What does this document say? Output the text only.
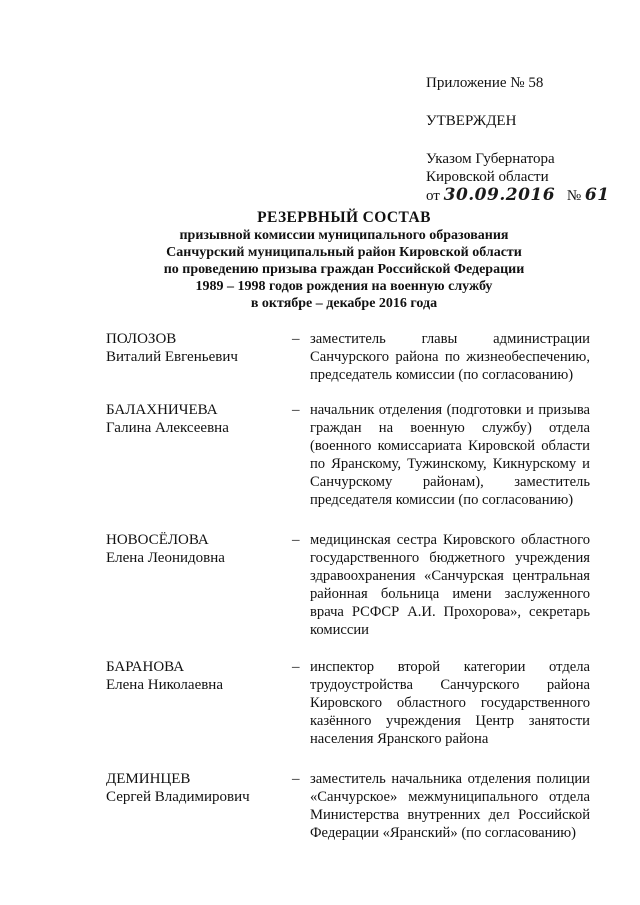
Приложение № 58
УТВЕРЖДЕН
Указом Губернатора
Кировской области
от 30.09.2016 № 61
РЕЗЕРВНЫЙ СОСТАВ
призывной комиссии муниципального образования
Санчурский муниципальный район Кировской области
по проведению призыва граждан Российской Федерации
1989 – 1998 годов рождения на военную службу
в октябре – декабре 2016 года
ПОЛОЗОВ
Виталий Евгеньевич
– заместитель главы администрации Санчурского района по жизнеобеспечению, председатель комиссии (по согласованию)
БАЛАХНИЧЕВА
Галина Алексеевна
– начальник отделения (подготовки и призыва граждан на военную службу) отдела (военного комиссариата Кировской области по Яранскому, Тужинскому, Кикнурскому и Санчурскому районам), заместитель председателя комиссии (по согласованию)
НОВОСЁЛОВА
Елена Леонидовна
– медицинская сестра Кировского областного государственного бюджетного учреждения здравоохранения «Санчурская центральная районная больница имени заслуженного врача РСФСР А.И. Прохорова», секретарь комиссии
БАРАНОВА
Елена Николаевна
– инспектор второй категории отдела трудоустройства Санчурского района Кировского областного государственного казённого учреждения Центр занятости населения Яранского района
ДЕМИНЦЕВ
Сергей Владимирович
– заместитель начальника отделения полиции «Санчурское» межмуниципального отдела Министерства внутренних дел Российской Федерации «Яранский» (по согласованию)
